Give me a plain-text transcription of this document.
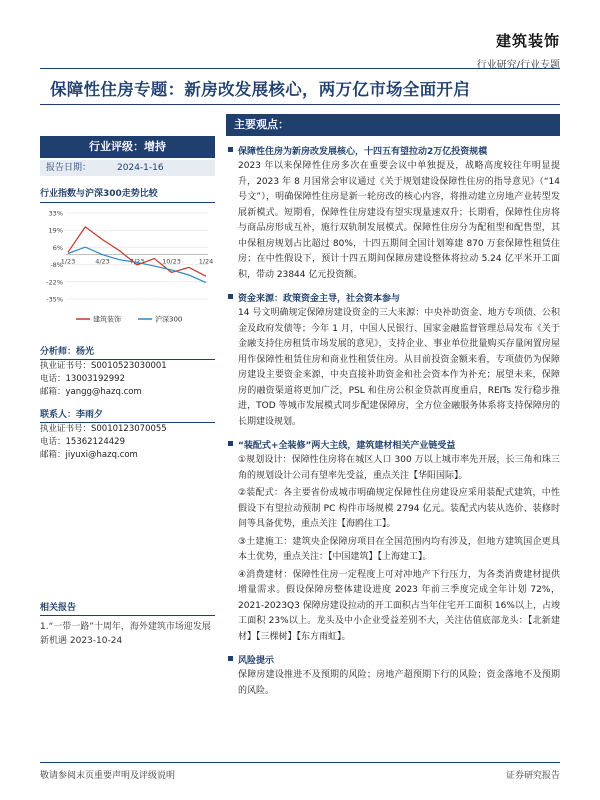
建筑装饰
行业研究/行业专题
保障性住房专题：新房改发展核心，两万亿市场全面开启
行业评级：增持
报告日期：	2024-1-16
行业指数与沪深300走势比较
33%
19%
6%
-8%
-22%
-35%
1/23	4/23	7/23	10/23	1/24
建筑装饰	沪深300
分析师：杨光
执业证书号：S0010523030001
电话：13003192992
邮箱：yangg@hazq.com
联系人：李雨夕
执业证书号：S0010123070055
电话：15362124429
邮箱：jiyuxi@hazq.com
相关报告
1.“一带一路”十周年，海外建筑市场迎发展新机遇 2023-10-24
主要观点：
保障性住房为新房改发展核心，十四五有望拉动2万亿投资规模
2023 年以来保障性住房多次在重要会议中单独提及，战略高度较往年明显提升，2023 年 8 月国常会审议通过《关于规划建设保障性住房的指导意见》（“14 号文”），明确保障性住房是新一轮房改的核心内容，将推动建立房地产业转型发展新模式。短期看，保障性住房建设有望实现量速双升；长期看，保障性住房将与商品房形成互补，施行双轨制发展模式。保障性住房分为配租型和配售型，其中保租房规划占比超过 80%，十四五期间全国计划筹建 870 万套保障性租赁住房；在中性假设下，预计十四五期间保障房建设整体将拉动 5.24 亿平米开工面积，带动 23844 亿元投资额。
资金来源：政策资金主导，社会资本参与
14 号文明确规定保障房建设资金的三大来源：中央补助资金、地方专项债、公积金及政府发债等；今年 1 月，中国人民银行、国家金融监督管理总局发布《关于金融支持住房租赁市场发展的意见》，支持企业、事业单位批量购买存量闲置房屋用作保障性租赁住房和商业性租赁住房。从目前投资金额来看，专项债仍为保障房建设主要资金来源，中央直接补助资金和社会资本作为补充；展望未来，保障房的融资渠道将更加广泛，PSL 和住房公积金贷款再度重启，REITs 发行稳步推进，TOD 等城市发展模式同步配建保障房，全方位金融服务体系将支持保障房的长期建设规划。
“装配式+全装修”两大主线，建筑建材相关产业链受益
①规划设计：保障性住房将在城区人口 300 万以上城市率先开展，长三角和珠三角的规划设计公司有望率先受益，重点关注【华阳国际】。
②装配式：各主要省份成城市明确规定保障性住房建设应采用装配式建筑，中性假设下有望拉动预制 PC 构件市场规模 2794 亿元。装配式内装从选价、装修时间等具备优势，重点关注【海鸥住工】。
③土建施工：建筑央企保障房项目在全国范围内均有涉及，但地方建筑国企更具本土优势，重点关注：【中国建筑】【上海建工】。
④消费建材：保障性住房一定程度上可对冲地产下行压力，为各类消费建材提供增量需求。假设保障房整体建设进度 2023 年前三季度完成全年计划 72%，2021-2023Q3 保障房建设拉动的开工面积占当年住宅开工面积 16%以上，占竣工面积 23%以上。龙头及中小企业受益差别不大，关注估值底部龙头：【北新建材】【三棵树】【东方雨虹】。
风险提示
保障房建设推进不及预期的风险；房地产超预期下行的风险；资金落地不及预期的风险。
敬请参阅末页重要声明及评级说明	证券研究报告
